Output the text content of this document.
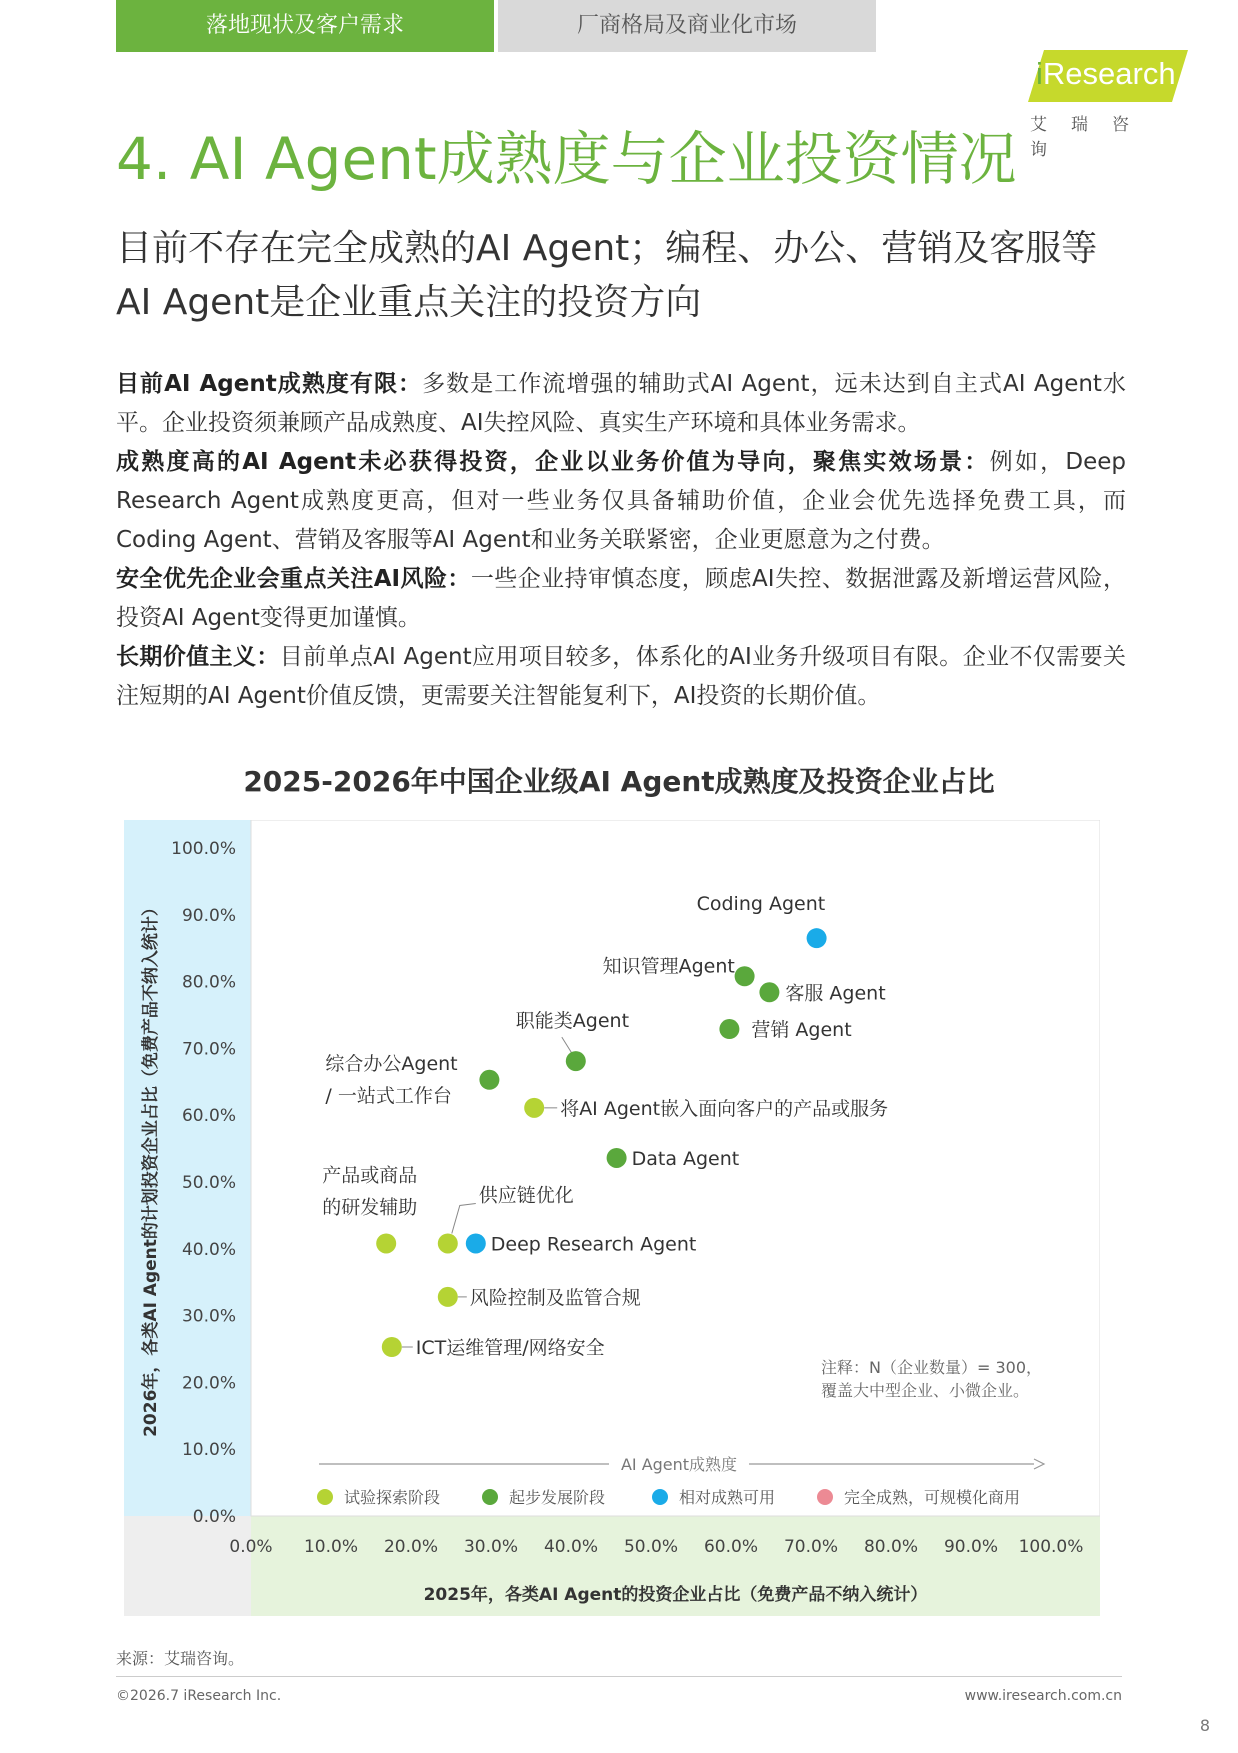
落地现状及客户需求	厂商格局及商业化市场
iResearch
艾瑞咨询
4. AI Agent成熟度与企业投资情况
目前不存在完全成熟的AI Agent；编程、办公、营销及客服等AI Agent是企业重点关注的投资方向

目前AI Agent成熟度有限：多数是工作流增强的辅助式AI Agent，远未达到自主式AI Agent水平。企业投资须兼顾产品成熟度、AI失控风险、真实生产环境和具体业务需求。

成熟度高的AI Agent未必获得投资，企业以业务价值为导向，聚焦实效场景：例如，Deep Research Agent成熟度更高，但对一些业务仅具备辅助价值，企业会优先选择免费工具，而Coding Agent、营销及客服等AI Agent和业务关联紧密，企业更愿意为之付费。

安全优先企业会重点关注AI风险：一些企业持审慎态度，顾虑AI失控、数据泄露及新增运营风险，投资AI Agent变得更加谨慎。

长期价值主义：目前单点AI Agent应用项目较多，体系化的AI业务升级项目有限。企业不仅需要关注短期的AI Agent价值反馈，更需要关注智能复利下，AI投资的长期价值。

2025-2026年中国企业级AI Agent成熟度及投资企业占比
0.0%
10.0%
20.0%
30.0%
40.0%
50.0%
60.0%
70.0%
80.0%
90.0%
100.0%
0.0% 10.0% 20.0% 30.0% 40.0% 50.0% 60.0% 70.0% 80.0% 90.0% 100.0%
2025年，各类AI Agent的投资企业占比（免费产品不纳入统计）
2026年，各类AI Agent的计划投资企业占比（免费产品不纳入统计）
AI Agent成熟度
试验探索阶段	起步发展阶段	相对成熟可用	完全成熟，可规模化商用
注释：N（企业数量）= 300，
覆盖大中型企业、小微企业。
Coding Agent
知识管理Agent
客服 Agent
营销 Agent
职能类Agent
综合办公Agent
/ 一站式工作台
将AI Agent嵌入面向客户的产品或服务
Data Agent
产品或商品
的研发辅助
供应链优化
Deep Research Agent
风险控制及监管合规
ICT运维管理/网络安全
来源：艾瑞咨询。
©2026.7 iResearch Inc.	www.iresearch.com.cn
8
